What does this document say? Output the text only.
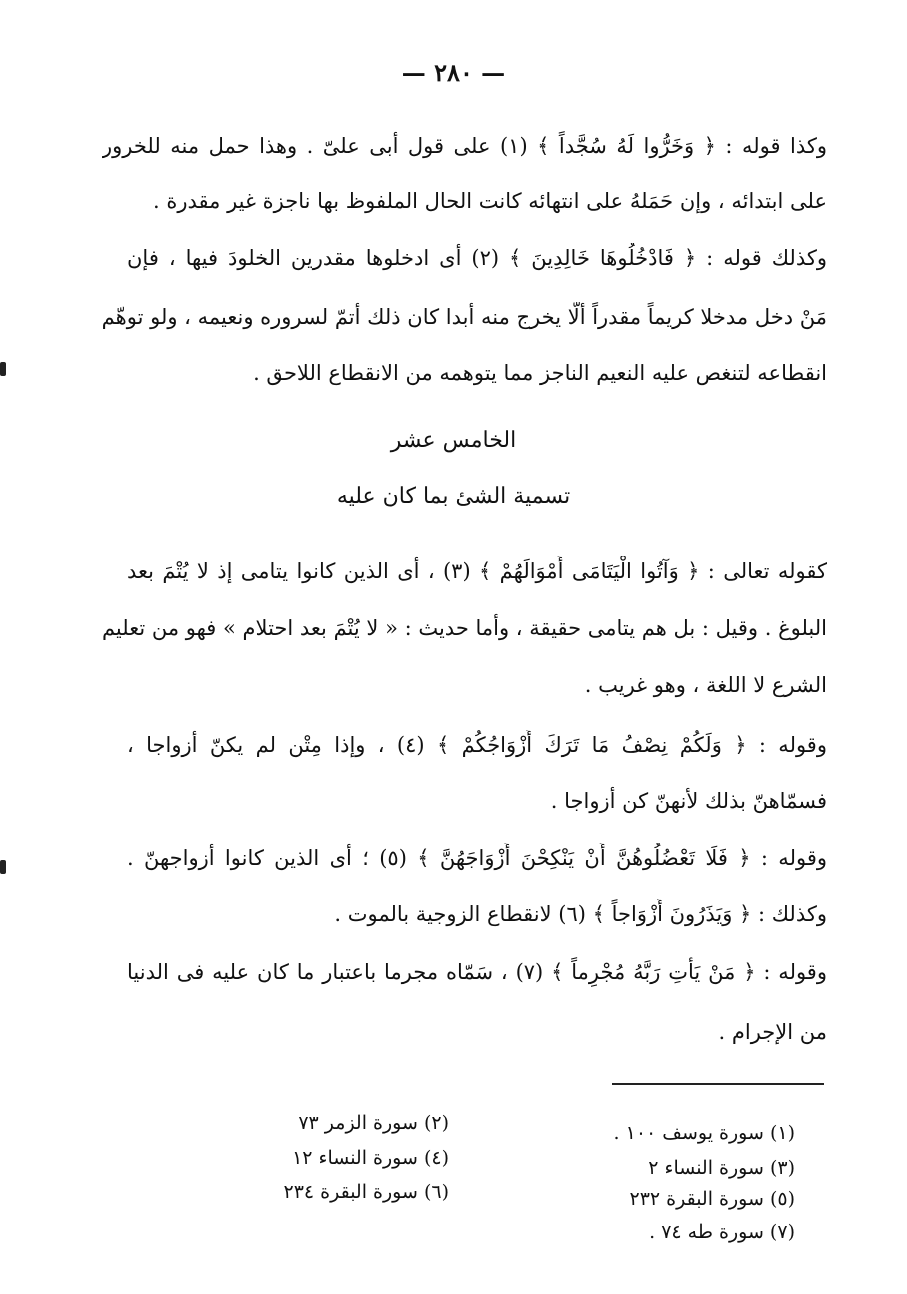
— ٢٨٠ —
وكذا قوله : ﴿ وَخَرُّوا لَهُ سُجَّداً ﴾ (١) على قول أبى علىّ . وهذا حمل منه للخرور
على ابتدائه ، وإن حَمَلهُ على انتهائه كانت الحال الملفوظ بها ناجزة غير مقدرة .
وكذلك قوله : ﴿ فَادْخُلُوهَا خَالِدِينَ ﴾ (٢) أى ادخلوها مقدرين الخلودَ فيها ، فإن
مَنْ دخل مدخلا كريماً مقدراً ألَّا يخرج منه أبدا كان ذلك أتمّ لسروره ونعيمه ، ولو توهّم
انقطاعه لتنغص عليه النعيم الناجز مما يتوهمه من الانقطاع اللاحق .
الخامس عشر
تسمية الشئ بما كان عليه
كقوله تعالى : ﴿ وَآتُوا الْيَتَامَى أَمْوَالَهُمْ ﴾ (٣) ، أى الذين كانوا يتامى إذ لا يُتْمَ بعد
البلوغ . وقيل : بل هم يتامى حقيقة ، وأما حديث : « لا يُتْمَ بعد احتلام » فهو من تعليم
الشرع لا اللغة ، وهو غريب .
وقوله : ﴿ وَلَكُمْ نِصْفُ مَا تَرَكَ أَزْوَاجُكُمْ ﴾ (٤) ، وإذا مِتْن لم يكنّ أزواجا ،
فسمّاهنّ بذلك لأنهنّ كن أزواجا .
وقوله : ﴿ فَلَا تَعْضُلُوهُنَّ أَنْ يَنْكِحْنَ أَزْوَاجَهُنَّ ﴾ (٥) ؛ أى الذين كانوا أزواجهنّ .
وكذلك : ﴿ وَيَذَرُونَ أَزْوَاجاً ﴾ (٦) لانقطاع الزوجية بالموت .
وقوله : ﴿ مَنْ يَأْتِ رَبَّهُ مُجْرِماً ﴾ (٧) ، سَمّاه مجرما باعتبار ما كان عليه فى الدنيا
من الإجرام .
(١) سورة يوسف ١٠٠ .
(٣) سورة النساء ٢
(٥) سورة البقرة ٢٣٢
(٧) سورة طه ٧٤ .
(٢) سورة الزمر ٧٣
(٤) سورة النساء ١٢
(٦) سورة البقرة ٢٣٤
